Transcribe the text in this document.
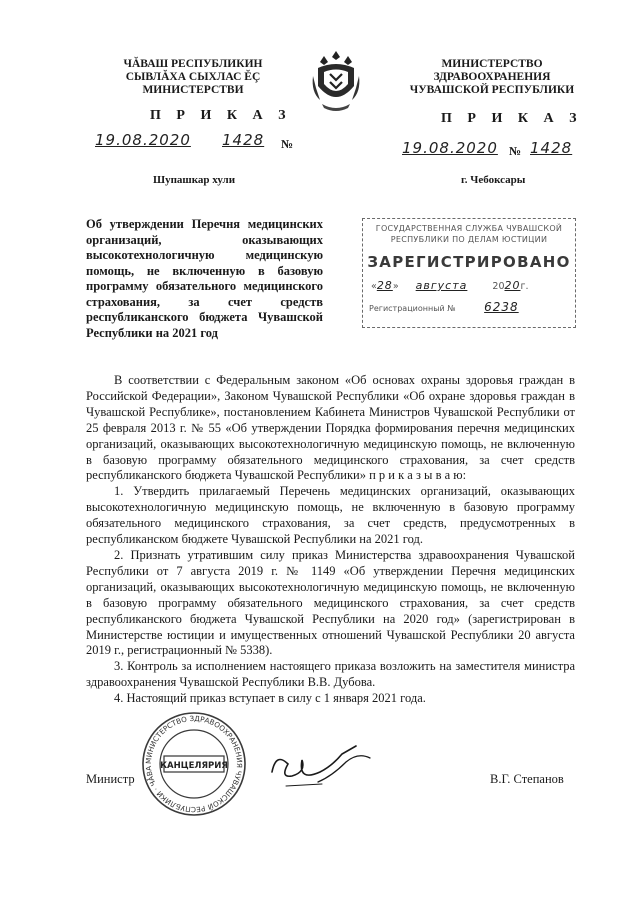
ЧĂВАШ РЕСПУБЛИКИН
СЫВЛĂХА СЫХЛАС ĔÇ
МИНИСТЕРСТВИ
П Р И К А З
19.08.2020 1428 №
Шупашкар хули
МИНИСТЕРСТВО
ЗДРАВООХРАНЕНИЯ
ЧУВАШСКОЙ РЕСПУБЛИКИ
П Р И К А З
19.08.2020 № 1428
г. Чебоксары
Об утверждении Перечня медицинских организаций, оказывающих высокотехнологичную медицинскую помощь, не включенную в базовую программу обязательного медицинского страхования, за счет средств республиканского бюджета Чувашской Республики на 2021 год
ГОСУДАРСТВЕННАЯ СЛУЖБА ЧУВАШСКОЙ
РЕСПУБЛИКИ ПО ДЕЛАМ ЮСТИЦИИ
ЗАРЕГИСТРИРОВАНО
«28» августа	2020г.
Регистрационный № 6238

В соответствии с Федеральным законом «Об основах охраны здоровья граждан в Российской Федерации», Законом Чувашской Республики «Об охране здоровья граждан в Чувашской Республике», постановлением Кабинета Министров Чувашской Республики от 25 февраля 2013 г. № 55 «Об утверждении Порядка формирования перечня медицинских организаций, оказывающих высокотехнологичную медицинскую помощь, не включенную в базовую программу обязательного медицинского страхования, за счет средств республиканского бюджета Чувашской Республики» п р и к а з ы в а ю:

1. Утвердить прилагаемый Перечень медицинских организаций, оказывающих высокотехнологичную медицинскую помощь, не включенную в базовую программу обязательного медицинского страхования, за счет средств, предусмотренных в республиканском бюджете Чувашской Республики на 2021 год.

2. Признать утратившим силу приказ Министерства здравоохранения Чувашской Республики от 7 августа 2019 г. № 1149 «Об утверждении Перечня медицинских организаций, оказывающих высокотехнологичную медицинскую помощь, не включенную в базовую программу обязательного медицинского страхования, за счет средств республиканского бюджета Чувашской Республики на 2020 год» (зарегистрирован в Министерстве юстиции и имущественных отношений Чувашской Республики 20 августа 2019 г., регистрационный № 5338).

3. Контроль за исполнением настоящего приказа возложить на заместителя министра здравоохранения Чувашской Республики В.В. Дубова.

4. Настоящий приказ вступает в силу с 1 января 2021 года.

Министр	В.Г. Степанов
МИНИСТЕРСТВО ЗДРАВООХРАНЕНИЯ ЧУВАШСКОЙ РЕСПУБЛИКИ · ЧĂВА КАНЦЕЛЯРИЯ
